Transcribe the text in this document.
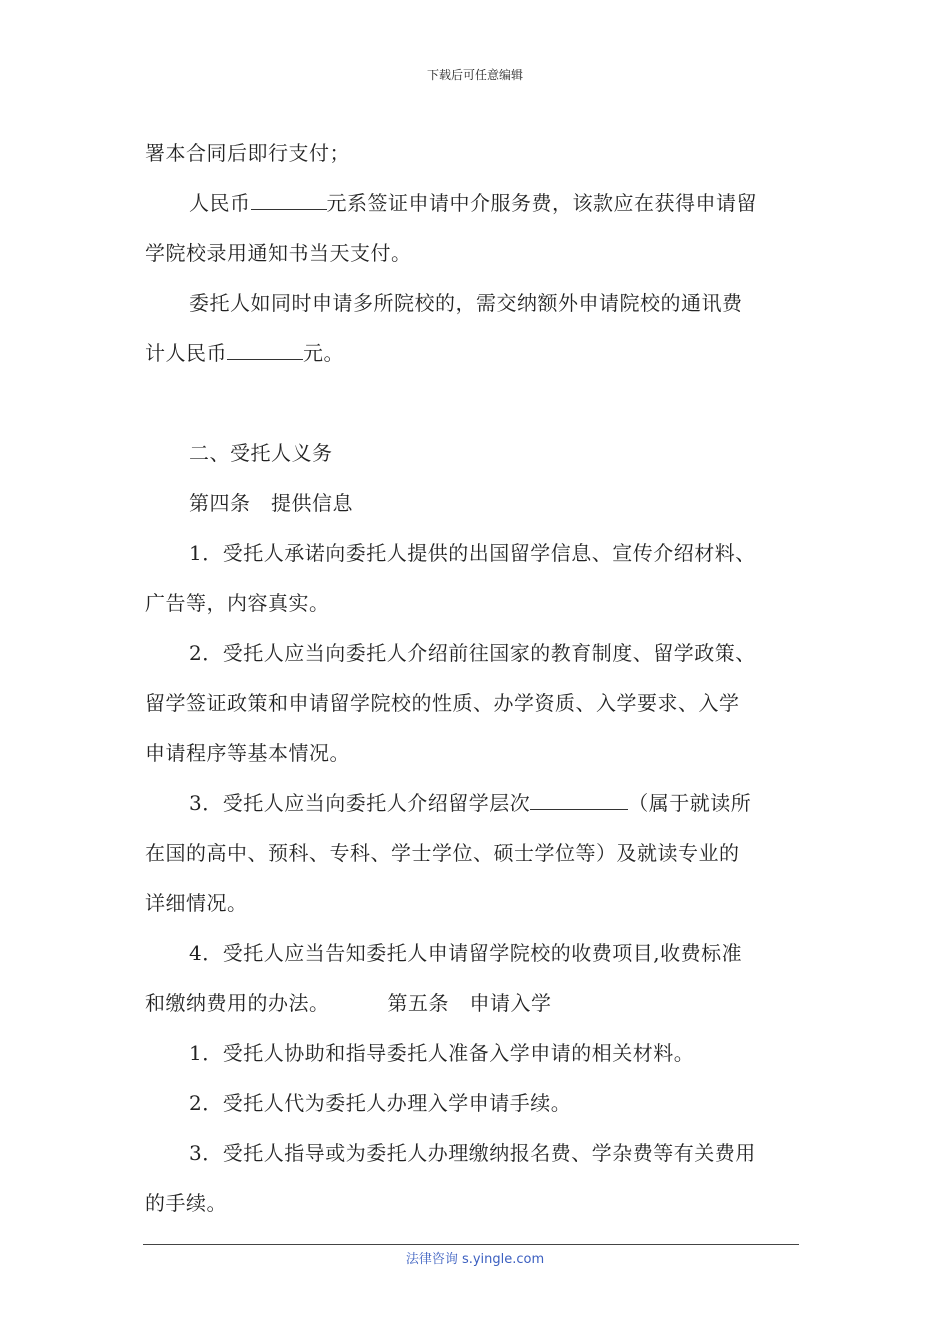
下载后可任意编辑
署本合同后即行支付；
人民币	元系签证申请中介服务费，该款应在获得申请留
学院校录用通知书当天支付。
委托人如同时申请多所院校的，需交纳额外申请院校的通讯费
计人民币	元。
二、受托人义务
第四条　提供信息
1．受托人承诺向委托人提供的出国留学信息、宣传介绍材料、
广告等，内容真实。
2．受托人应当向委托人介绍前往国家的教育制度、留学政策、
留学签证政策和申请留学院校的性质、办学资质、入学要求、入学
申请程序等基本情况。
3．受托人应当向委托人介绍留学层次	（属于就读所
在国的高中、预科、专科、学士学位、硕士学位等）及就读专业的
详细情况。
4．受托人应当告知委托人申请留学院校的收费项目,收费标准
和缴纳费用的办法。	第五条　申请入学
1．受托人协助和指导委托人准备入学申请的相关材料。
2．受托人代为委托人办理入学申请手续。
3．受托人指导或为委托人办理缴纳报名费、学杂费等有关费用
的手续。
法律咨询 s.yingle.com
